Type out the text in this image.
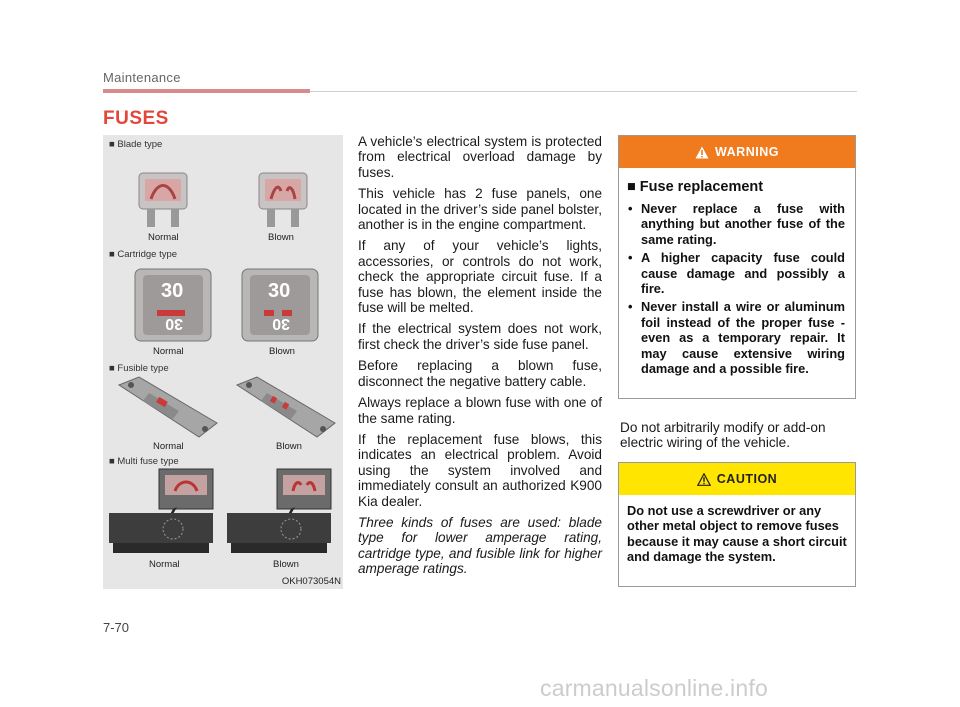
Maintenance
FUSES
■ Blade type
Normal	Blown
■ Cartridge type
30
30
30
30
Normal	Blown
■ Fusible type
Normal	Blown
■ Multi fuse type
Normal	Blown
OKH073054N

A vehicle’s electrical system is protected from electrical overload damage by fuses.

This vehicle has 2 fuse panels, one located in the driver’s side panel bolster, another is in the engine compartment.

If any of your vehicle’s lights, accessories, or controls do not work, check the appropriate circuit fuse. If a fuse has blown, the element inside the fuse will be melted.

If the electrical system does not work, first check the driver’s side fuse panel.

Before replacing a blown fuse, disconnect the negative battery cable.

Always replace a blown fuse with one of the same rating.

If the replacement fuse blows, this indicates an electrical problem. Avoid using the system involved and immediately consult an authorized K900 Kia dealer.

Three kinds of fuses are used: blade type for lower amperage rating, cartridge type, and fusible link for higher amperage ratings.

WARNING
■ Fuse replacement
• Never replace a fuse with anything but another fuse of the same rating.
• A higher capacity fuse could cause damage and possibly a fire.
• Never install a wire or aluminum foil instead of the proper fuse - even as a temporary repair. It may cause extensive wiring damage and a possible fire.
Do not arbitrarily modify or add-on electric wiring of the vehicle.
CAUTION
Do not use a screwdriver or any other metal object to remove fuses because it may cause a short circuit and damage the system.
7-70
carmanualsonline.info
